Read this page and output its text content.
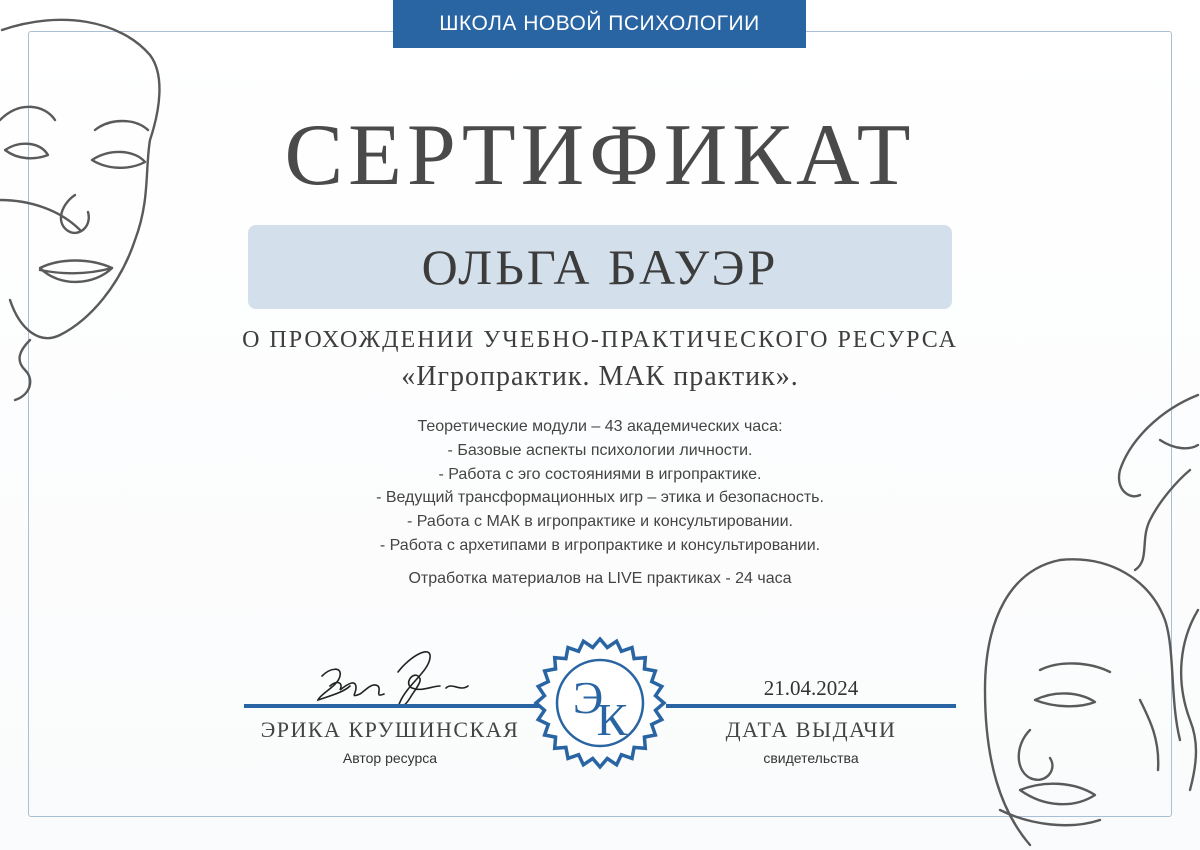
ШКОЛА НОВОЙ ПСИХОЛОГИИ
СЕРТИФИКАТ
ОЛЬГА БАУЭР
О ПРОХОЖДЕНИИ УЧЕБНО-ПРАКТИЧЕСКОГО РЕСУРСА
«Игропрактик. МАК практик».
Теоретические модули – 43 академических часа:
- Базовые аспекты психологии личности.
- Работа с эго состояниями в игропрактике.
- Ведущий трансформационных игр – этика и безопасность.
- Работа с МАК в игропрактике и консультировании.
- Работа с архетипами в игропрактике и консультировании.
Отработка материалов на LIVE практиках - 24 часа
ЭРИКА КРУШИНСКАЯ
Автор ресурса
21.04.2024
ДАТА ВЫДАЧИ
свидетельства
Э
К
